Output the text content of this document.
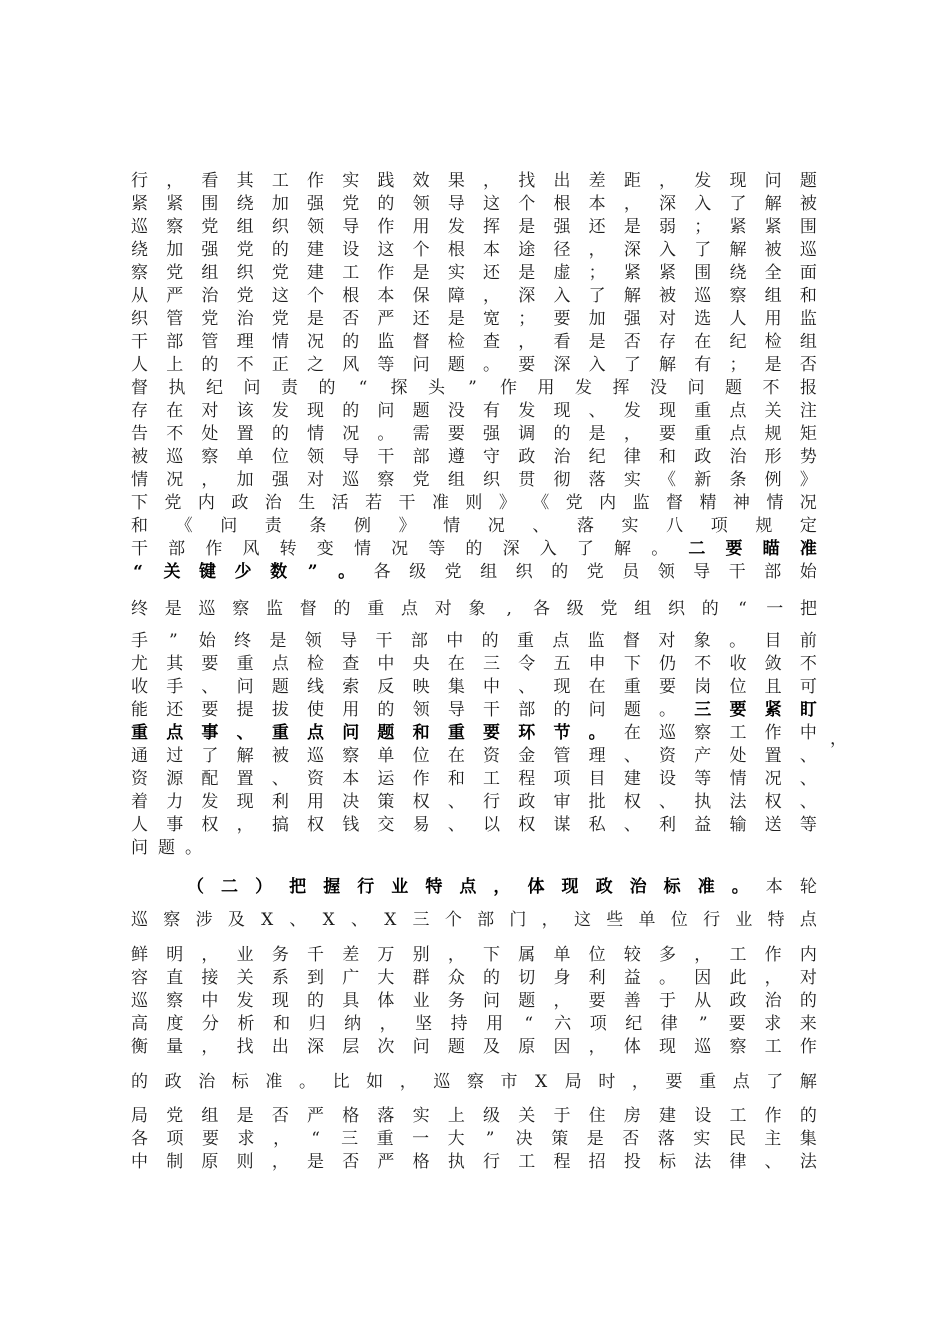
行 ， 看 其 工 作 实 践 效 果 ， 找 出 差 距 ， 发 现 问 题
紧 紧 围 绕 加 强 党 的 领 导 这 个 根 本 ， 深 入 了 解 被
巡 察 党 组 织 领 导 作 用 发 挥 是 强 还 是 弱 ； 紧 紧 围
绕 加 强 党 的 建 设 这 个 根 本 途 径 ， 深 入 了 解 被 巡
察 党 组 织 党 建 工 作 是 实 还 是 虚 ； 紧 紧 围 绕 全 面
从 严 治 党 这 个 根 本 保 障 ， 深 入 了 解 被 巡 察 组 和
织 管 党 治 党 是 否 严 还 是 宽 ； 要 加 强 对 选 人 用 监
干 部 管 理 情 况 的 监 督 检 查 ， 看 是 否 存 在 纪 检 组
人 上 的 不 正 之 风 等 问 题 。 要 深 入 了 解 有 ； 是 否
督 执 纪 问 责 的 “ 探 头 ” 作 用 发 挥 没 问 题 不 报
存 在 对 该 发 现 的 问 题 没 有 发 现 、 发 现 重 点 关 注
告 不 处 置 的 情 况 。 需 要 强 调 的 是 ， 要 重 点 规 矩
被 巡 察 单 位 领 导 干 部 遵 守 政 治 纪 律 和 政 治 形 势
情 况 ， 加 强 对 巡 察 党 组 织 贯 彻 落 实 《 新 条 例 》
下 党 内 政 治 生 活 若 干 准 则 》 《 党 内 监 督 精 神 情 况
和 《 问 责 条 例 》 情 况 、 落 实 八 项 规 定
干 部 作 风 转 变 情 况 等 的 深 入 了 解 。 二 要 瞄 准
“ 关 键 少 数 ” 。 各 级 党 组 织 的 党 员 领 导 干 部 始
终 是 巡 察 监 督 的 重 点 对 象 , 各 级 党 组 织 的 “ 一 把
手 ” 始 终 是 领 导 干 部 中 的 重 点 监 督 对 象 。 目 前
尤 其 要 重 点 检 查 中 央 在 三 令 五 申 下 仍 不 收 敛 不
收 手 、 问 题 线 索 反 映 集 中 、 现 在 重 要 岗 位 且 可
能 还 要 提 拔 使 用 的 领 导 干 部 的 问 题 。 三 要 紧 盯
重 点 事 、 重 点 问 题 和 重 要 环 节 。 在 巡 察 工 作 中
通 过 了 解 被 巡 察 单 位 在 资 金 管 理 、 资 产 处 置 、
资 源 配 置 、 资 本 运 作 和 工 程 项 目 建 设 等 情 况 、
着 力 发 现 利 用 决 策 权 、 行 政 审 批 权 、 执 法 权 、
人 事 权 ， 搞 权 钱 交 易 、 以 权 谋 私 、 利 益 输 送 等
问 题 。
，
（ 二 ） 把 握 行 业 特 点 ， 体 现 政 治 标 准 。 本 轮
巡 察 涉 及 X 、 X 、 X 三 个 部 门 ， 这 些 单 位 行 业 特 点
鲜 明 ， 业 务 千 差 万 别 ， 下 属 单 位 较 多 ， 工 作 内
容 直 接 关 系 到 广 大 群 众 的 切 身 利 益 。 因 此 ， 对
巡 察 中 发 现 的 具 体 业 务 问 题 ， 要 善 于 从 政 治 的
高 度 分 析 和 归 纳 ， 坚 持 用 “ 六 项 纪 律 ” 要 求 来
衡 量 ， 找 出 深 层 次 问 题 及 原 因 ， 体 现 巡 察 工 作
的 政 治 标 准 。 比 如 ， 巡 察 市 X 局 时 ， 要 重 点 了 解
局 党 组 是 否 严 格 落 实 上 级 关 于 住 房 建 设 工 作 的
各 项 要 求 ， “ 三 重 一 大 ” 决 策 是 否 落 实 民 主 集
中 制 原 则 ， 是 否 严 格 执 行 工 程 招 投 标 法 律 、 法
